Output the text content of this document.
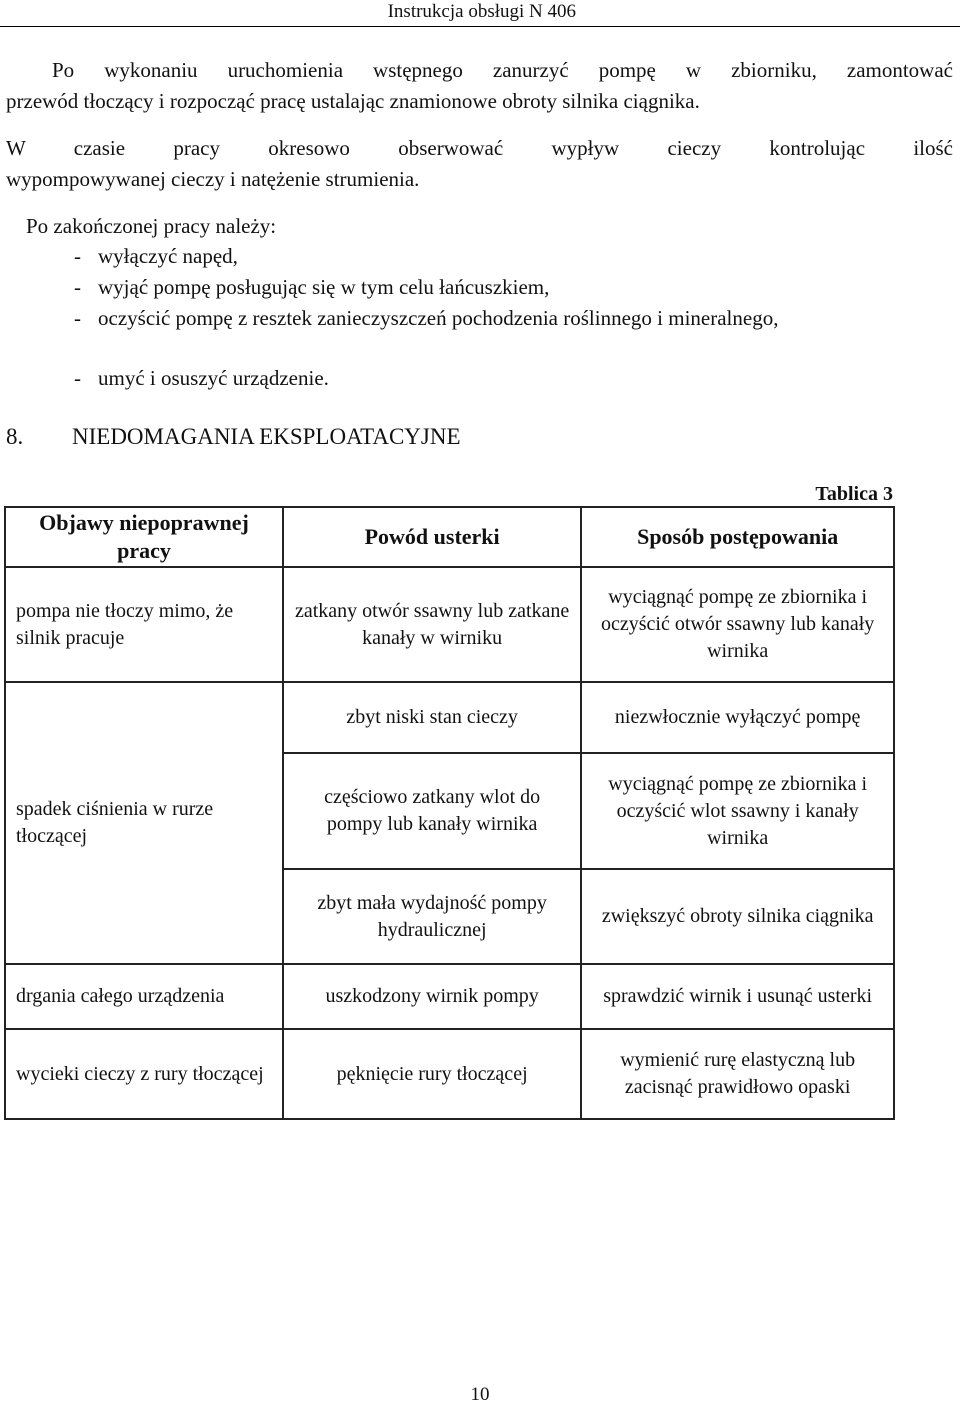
Instrukcja obsługi N 406
Po wykonaniu uruchomienia wstępnego zanurzyć pompę w zbiorniku, zamontować
przewód tłoczący i rozpocząć pracę ustalając znamionowe obroty silnika ciągnika.
W czasie pracy okresowo obserwować wypływ cieczy kontrolując ilość
wypompowywanej cieczy i natężenie strumienia.
Po zakończonej pracy należy:
- wyłączyć napęd,
- wyjąć pompę posługując się w tym celu łańcuszkiem,
- oczyścić pompę z resztek zanieczyszczeń pochodzenia roślinnego i mineralnego,
- umyć i osuszyć urządzenie.
8. NIEDOMAGANIA EKSPLOATACYJNE
Tablica 3
Objawy niepoprawnej pracy	Powód usterki	Sposób postępowania
pompa nie tłoczy mimo, że silnik pracuje	zatkany otwór ssawny lub zatkane kanały w wirniku	wyciągnąć pompę ze zbiornika i oczyścić otwór ssawny lub kanały wirnika
spadek ciśnienia w rurze tłoczącej	zbyt niski stan cieczy	niezwłocznie wyłączyć pompę
	częściowo zatkany wlot do pompy lub kanały wirnika	wyciągnąć pompę ze zbiornika i oczyścić wlot ssawny i kanały wirnika
	zbyt mała wydajność pompy hydraulicznej	zwiększyć obroty silnika ciągnika
drgania całego urządzenia	uszkodzony wirnik pompy	sprawdzić wirnik i usunąć usterki
wycieki cieczy z rury tłoczącej	pęknięcie rury tłoczącej	wymienić rurę elastyczną lub zacisnąć prawidłowo opaski
10
